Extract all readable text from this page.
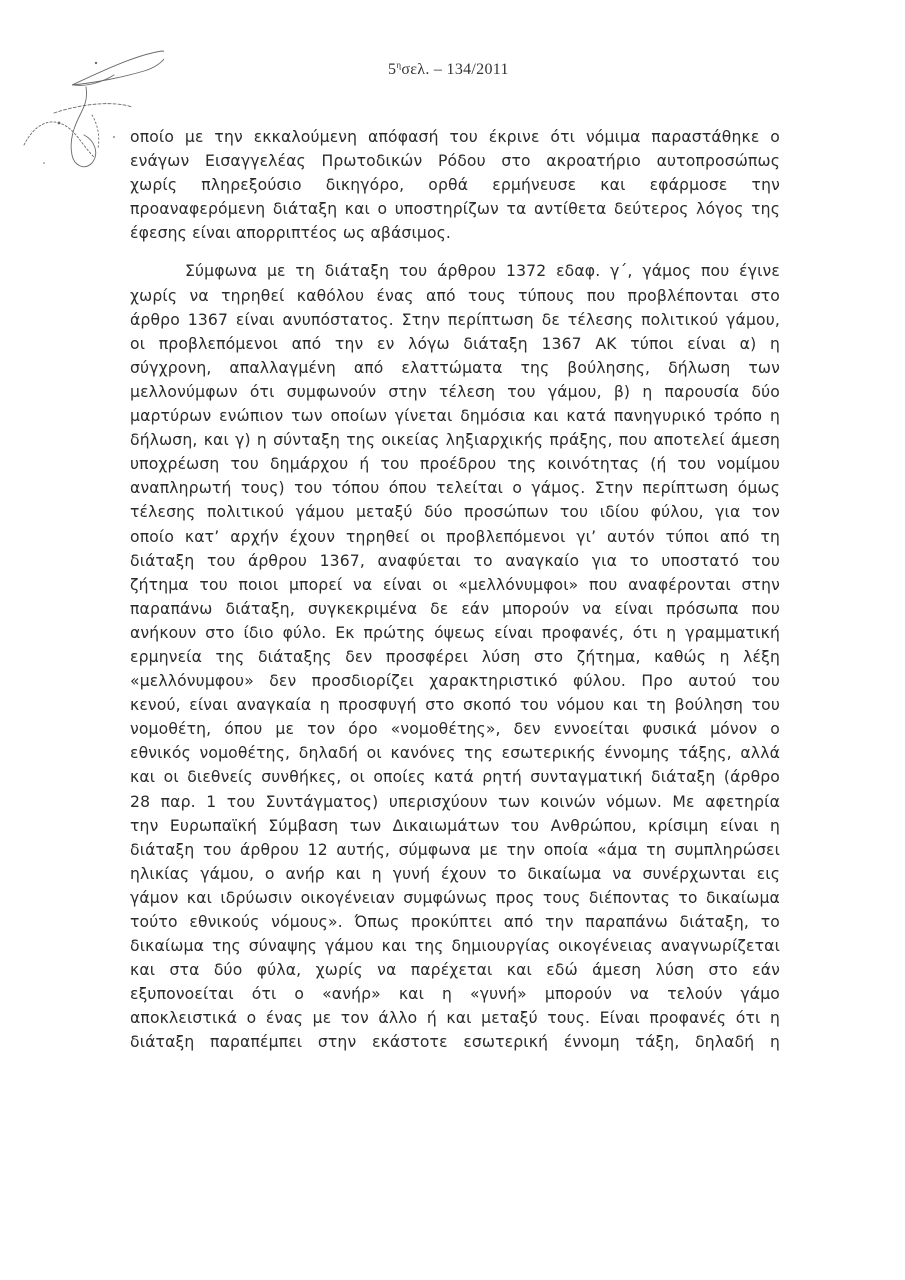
$5^\eta\sigma\varepsilon\lambda$. – 134/2011
οποίο με την εκκαλούμενη απόφασή του έκρινε ότι νόμιμα παραστάθηκε ο
ενάγων Εισαγγελέας Πρωτοδικών Ρόδου στο ακροατήριο αυτοπροσώπως
χωρίς πληρεξούσιο δικηγόρο, ορθά ερμήνευσε και εφάρμοσε την
προαναφερόμενη διάταξη και ο υποστηρίζων τα αντίθετα δεύτερος λόγος της
έφεσης είναι απορριπτέος ως αβάσιμος.
Σύμφωνα με τη διάταξη του άρθρου 1372 εδαφ. γ΄, γάμος που έγινε
χωρίς να τηρηθεί καθόλου ένας από τους τύπους που προβλέπονται στο
άρθρο 1367 είναι ανυπόστατος. Στην περίπτωση δε τέλεσης πολιτικού γάμου,
οι προβλεπόμενοι από την εν λόγω διάταξη 1367 ΑΚ τύποι είναι α) η
σύγχρονη, απαλλαγμένη από ελαττώματα της βούλησης, δήλωση των
μελλονύμφων ότι συμφωνούν στην τέλεση του γάμου, β) η παρουσία δύο
μαρτύρων ενώπιον των οποίων γίνεται δημόσια και κατά πανηγυρικό τρόπο η
δήλωση, και γ) η σύνταξη της οικείας ληξιαρχικής πράξης, που αποτελεί άμεση
υποχρέωση του δημάρχου ή του προέδρου της κοινότητας (ή του νομίμου
αναπληρωτή τους) του τόπου όπου τελείται ο γάμος. Στην περίπτωση όμως
τέλεσης πολιτικού γάμου μεταξύ δύο προσώπων του ιδίου φύλου, για τον
οποίο κατ’ αρχήν έχουν τηρηθεί οι προβλεπόμενοι γι’ αυτόν τύποι από τη
διάταξη του άρθρου 1367, αναφύεται το αναγκαίο για το υποστατό του
ζήτημα του ποιοι μπορεί να είναι οι «μελλόνυμφοι» που αναφέρονται στην
παραπάνω διάταξη, συγκεκριμένα δε εάν μπορούν να είναι πρόσωπα που
ανήκουν στο ίδιο φύλο. Εκ πρώτης όψεως είναι προφανές, ότι η γραμματική
ερμηνεία της διάταξης δεν προσφέρει λύση στο ζήτημα, καθώς η λέξη
«μελλόνυμφου» δεν προσδιορίζει χαρακτηριστικό φύλου. Προ αυτού του
κενού, είναι αναγκαία η προσφυγή στο σκοπό του νόμου και τη βούληση του
νομοθέτη, όπου με τον όρο «νομοθέτης», δεν εννοείται φυσικά μόνον ο
εθνικός νομοθέτης, δηλαδή οι κανόνες της εσωτερικής έννομης τάξης, αλλά
και οι διεθνείς συνθήκες, οι οποίες κατά ρητή συνταγματική διάταξη (άρθρο
28 παρ. 1 του Συντάγματος) υπερισχύουν των κοινών νόμων. Με αφετηρία
την Ευρωπαϊκή Σύμβαση των Δικαιωμάτων του Ανθρώπου, κρίσιμη είναι η
διάταξη του άρθρου 12 αυτής, σύμφωνα με την οποία «άμα τη συμπληρώσει
ηλικίας γάμου, ο ανήρ και η γυνή έχουν το δικαίωμα να συνέρχωνται εις
γάμον και ιδρύωσιν οικογένειαν συμφώνως προς τους διέποντας το δικαίωμα
τούτο εθνικούς νόμους». Όπως προκύπτει από την παραπάνω διάταξη, το
δικαίωμα της σύναψης γάμου και της δημιουργίας οικογένειας αναγνωρίζεται
και στα δύο φύλα, χωρίς να παρέχεται και εδώ άμεση λύση στο εάν
εξυπονοείται ότι ο «ανήρ» και η «γυνή» μπορούν να τελούν γάμο
αποκλειστικά ο ένας με τον άλλο ή και μεταξύ τους. Είναι προφανές ότι η
διάταξη παραπέμπει στην εκάστοτε εσωτερική έννομη τάξη, δηλαδή η
